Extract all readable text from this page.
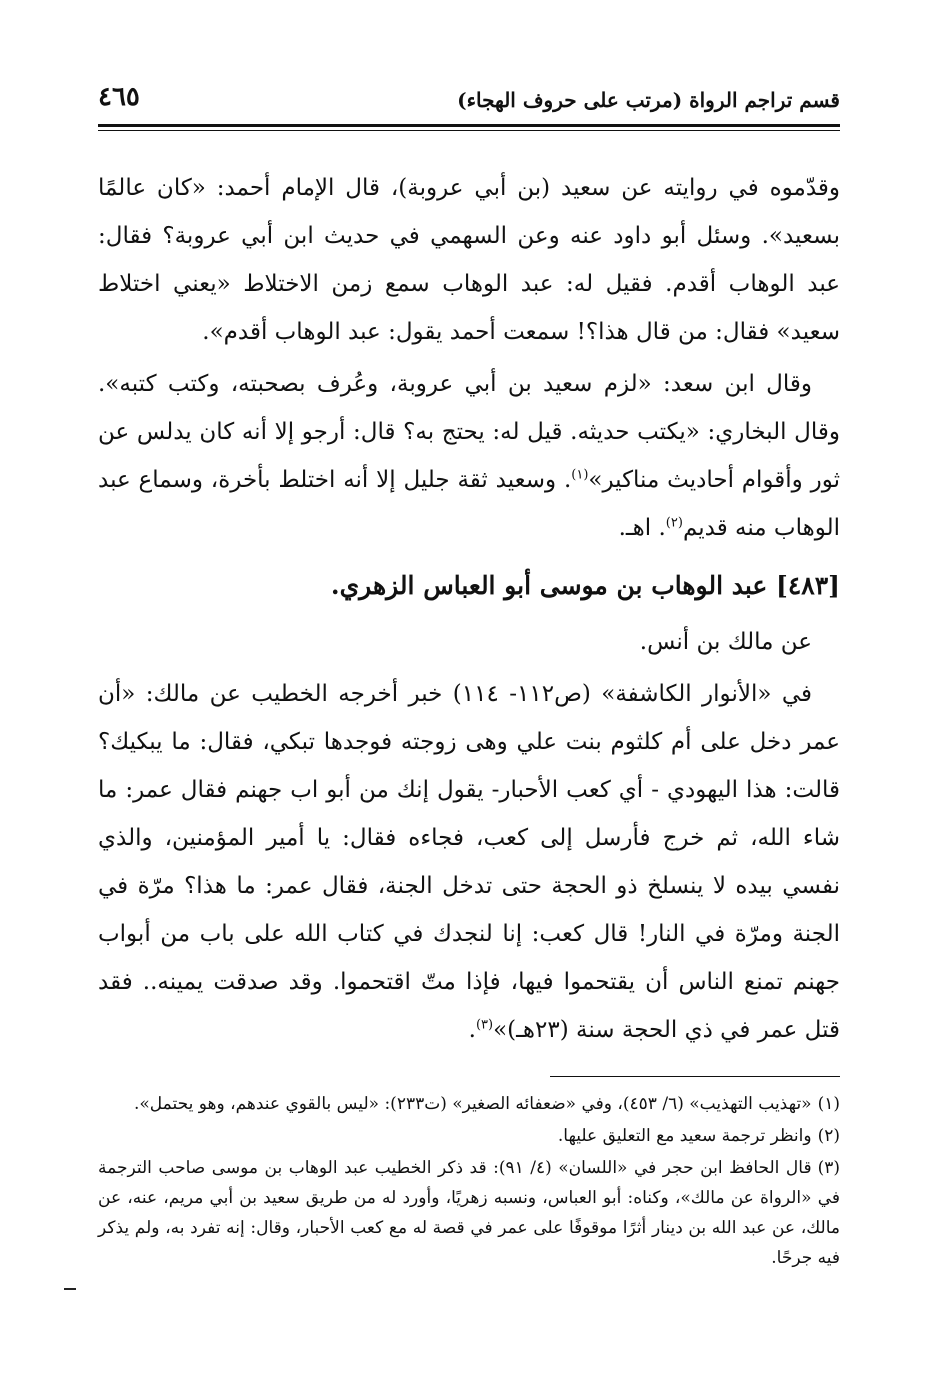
قسم تراجم الرواة (مرتب على حروف الهجاء)
٤٦٥

وقدّموه في روايته عن سعيد (بن أبي عروبة)، قال الإمام أحمد: «كان عالمًا بسعيد». وسئل أبو داود عنه وعن السهمي في حديث ابن أبي عروبة؟ فقال: عبد الوهاب أقدم. فقيل له: عبد الوهاب سمع زمن الاختلاط «يعني اختلاط سعيد» فقال: من قال هذا؟! سمعت أحمد يقول: عبد الوهاب أقدم».

وقال ابن سعد: «لزم سعيد بن أبي عروبة، وعُرف بصحبته، وكتب كتبه». وقال البخاري: «يكتب حديثه. قيل له: يحتج به؟ قال: أرجو إلا أنه كان يدلس عن ثور وأقوام أحاديث مناكير»$^{(١)}$. وسعيد ثقة جليل إلا أنه اختلط بأخرة، وسماع عبد الوهاب منه قديم$^{(٢)}$. اهـ.

[٤٨٣] عبد الوهاب بن موسى أبو العباس الزهري.

عن مالك بن أنس.

في «الأنوار الكاشفة» (ص١١٢- ١١٤) خبر أخرجه الخطيب عن مالك: «أن عمر دخل على أم كلثوم بنت علي وهى زوجته فوجدها تبكي، فقال: ما يبكيك؟ قالت: هذا اليهودي - أي كعب الأحبار- يقول إنك من أبو اب جهنم فقال عمر: ما شاء الله، ثم خرج فأرسل إلى كعب، فجاءه فقال: يا أمير المؤمنين، والذي نفسي بيده لا ينسلخ ذو الحجة حتى تدخل الجنة، فقال عمر: ما هذا؟ مرّة في الجنة ومرّة في النار! قال كعب: إنا لنجدك في كتاب الله على باب من أبواب جهنم تمنع الناس أن يقتحموا فيها، فإذا متّ اقتحموا. وقد صدقت يمينه.. فقد قتل عمر في ذي الحجة سنة (٢٣هـ)»$^{(٣)}$.

(١)«تهذيب التهذيب» (٦/ ٤٥٣)، وفي «ضعفائه الصغير» (ت٢٣٣): «ليس بالقوي عندهم، وهو يحتمل».

(٢)وانظر ترجمة سعيد مع التعليق عليها.

(٣)قال الحافظ ابن حجر في «اللسان» (٤/ ٩١): قد ذكر الخطيب عبد الوهاب بن موسى صاحب الترجمة في «الرواة عن مالك»، وكناه: أبو العباس، ونسبه زهريًا، وأورد له من طريق سعيد بن أبي مريم، عنه، عن مالك، عن عبد الله بن دينار أثرًا موقوفًا على عمر في قصة له مع كعب الأحبار، وقال: إنه تفرد به، ولم يذكر فيه جرحًا.
